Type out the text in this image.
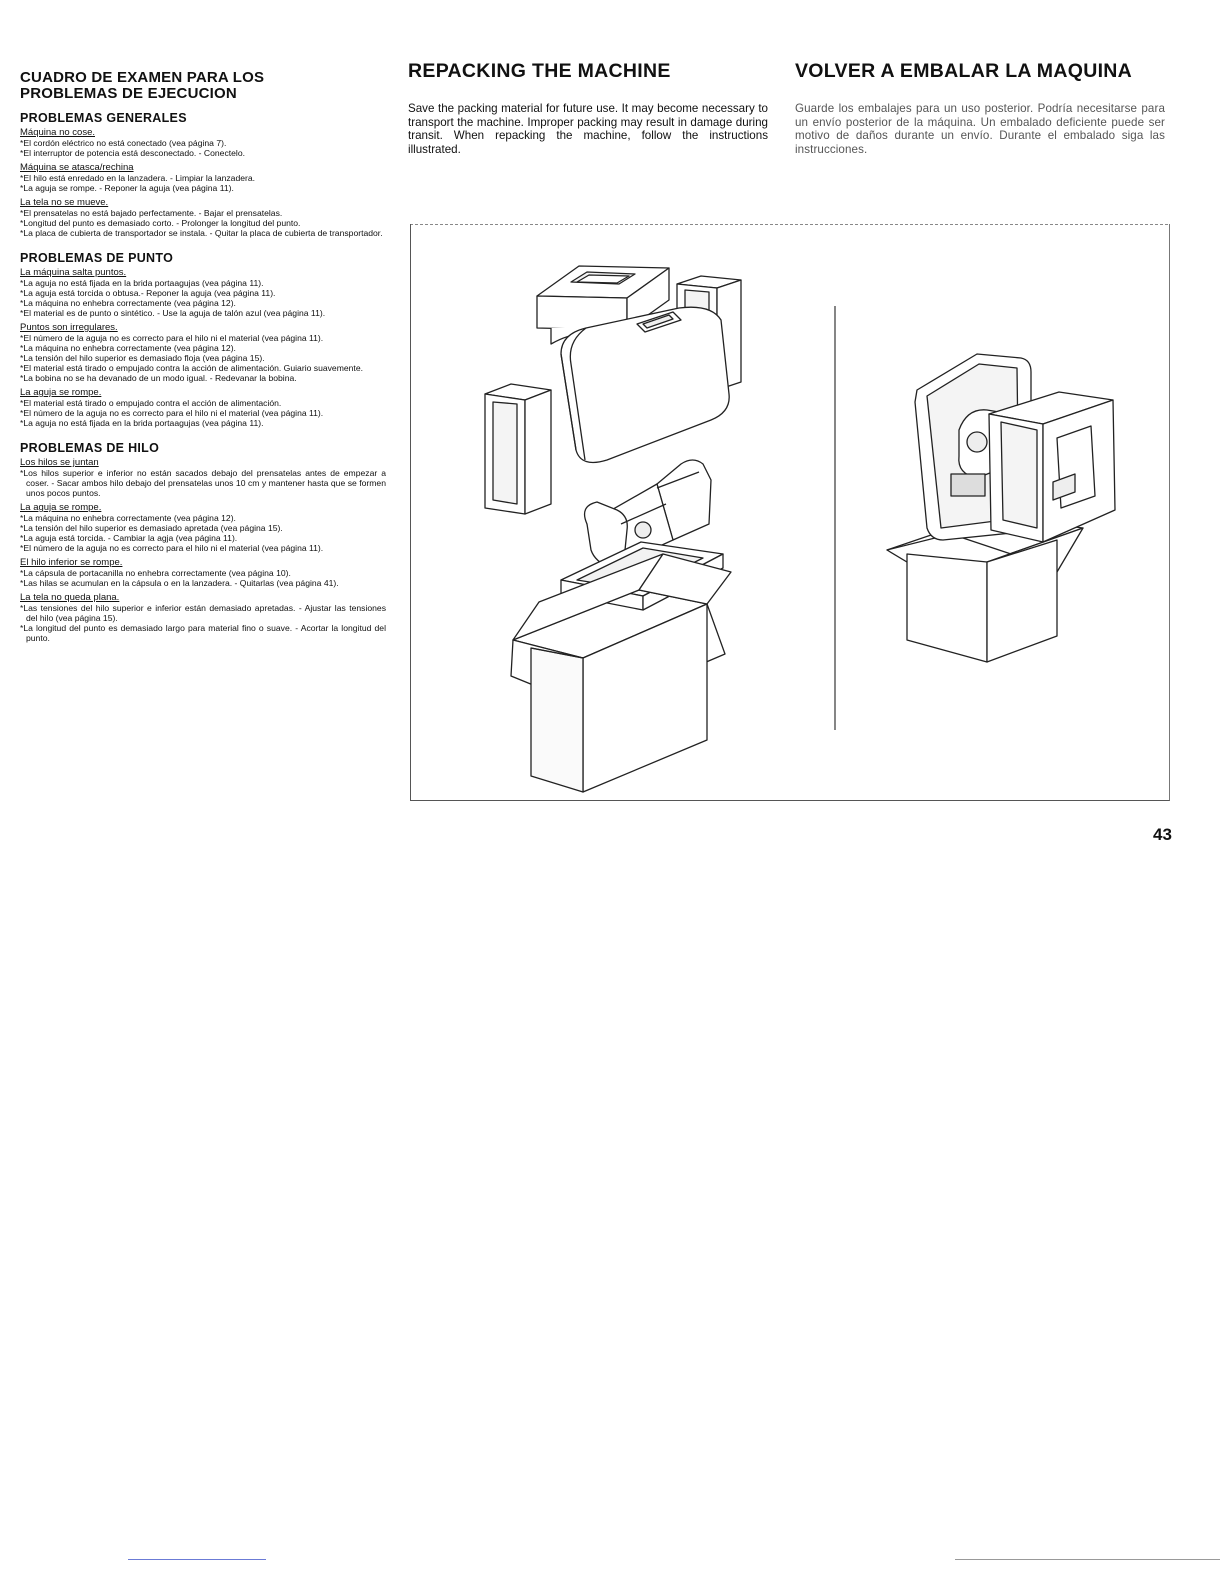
CUADRO DE EXAMEN PARA LOS
PROBLEMAS DE EJECUCION
PROBLEMAS GENERALES
Máquina no cose.
*El cordón eléctrico no está conectado (vea página 7).
*El interruptor de potencia está desconectado. - Conectelo.
Máquina se atasca/rechina
*El hilo está enredado en la lanzadera. - Limpiar la lanzadera.
*La aguja se rompe. - Reponer la aguja (vea página 11).
La tela no se mueve.
*El prensatelas no está bajado perfectamente. - Bajar el prensatelas.
*Longitud del punto es demasiado corto. - Prolonger la longitud del punto.
*La placa de cubierta de transportador se instala. - Quitar la placa de cubierta de transportador.
PROBLEMAS DE PUNTO
La máquina salta puntos.
*La aguja no está fijada en la brida portaagujas (vea página 11).
*La aguja está torcida o obtusa.- Reponer la aguja (vea página 11).
*La máquina no enhebra correctamente (vea página 12).
*El material es de punto o sintético. - Use la aguja de talón azul (vea página 11).
Puntos son irregulares.
*El número de la aguja no es correcto para el hilo ni el material (vea página 11).
*La máquina no enhebra correctamente (vea página 12).
*La tensión del hilo superior es demasiado floja (vea página 15).
*El material está tirado o empujado contra la acción de alimentación. Guiario suavemente.
*La bobina no se ha devanado de un modo igual. - Redevanar la bobina.
La aguja se rompe.
*El material está tirado o empujado contra el acción de alimentación.
*El número de la aguja no es correcto para el hilo ni el material (vea página 11).
*La aguja no está fijada en la brida portaagujas (vea página 11).
PROBLEMAS DE HILO
Los hilos se juntan
*Los hilos superior e inferior no están sacados debajo del prensatelas antes de empezar a coser. - Sacar ambos hilo debajo del prensatelas unos 10 cm y mantener hasta que se formen unos pocos puntos.
La aguja se rompe.
*La máquina no enhebra correctamente (vea página 12).
*La tensión del hilo superior es demasiado apretada (vea página 15).
*La aguja está torcida. - Cambiar la agja (vea página 11).
*El número de la aguja no es correcto para el hilo ni el material (vea página 11).
El hilo inferior se rompe.
*La cápsula de portacanilla no enhebra correctamente (vea página 10).
*Las hilas se acumulan en la cápsula o en la lanzadera. - Quitarlas (vea página 41).
La tela no queda plana.
*Las tensiones del hilo superior e inferior están demasiado apretadas. - Ajustar las tensiones del hilo (vea página 15).
*La longitud del punto es demasiado largo para material fino o suave. - Acortar la longitud del punto.
REPACKING THE MACHINE

Save the packing material for future use. It may become necessary to transport the machine. Improper packing may result in damage during transit. When repacking the machine, follow the instructions illustrated.

VOLVER A EMBALAR LA MAQUINA

Guarde los embalajes para un uso posterior. Podría necesitarse para un envío posterior de la máquina. Un embalado deficiente puede ser motivo de daños durante un envío. Durante el embalado siga las instrucciones.

43
